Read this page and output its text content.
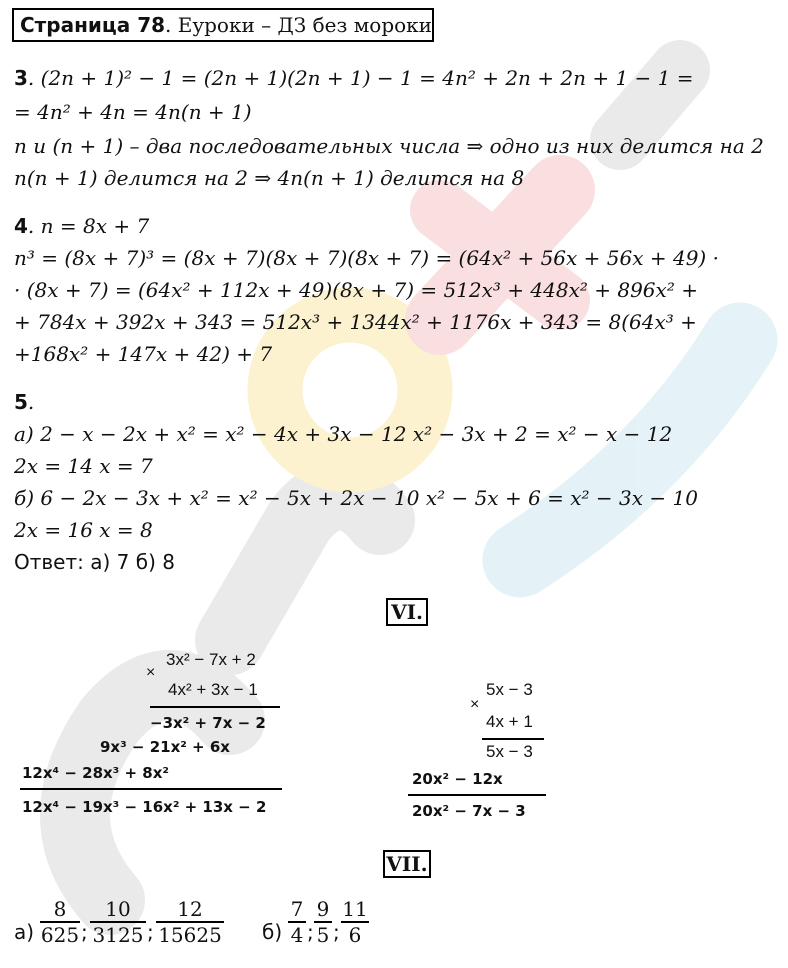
Страница 78. Еуроки – ДЗ без мороки
3. (2n + 1)² − 1 = (2n + 1)(2n + 1) − 1 = 4n² + 2n + 2n + 1 − 1 =
= 4n² + 4n = 4n(n + 1)
n и (n + 1) – два последовательных числа ⇒ одно из них делится на 2
n(n + 1) делится на 2 ⇒ 4n(n + 1) делится на 8
4. n = 8x + 7
n³ = (8x + 7)³ = (8x + 7)(8x + 7)(8x + 7) = (64x² + 56x + 56x + 49) ·
· (8x + 7) = (64x² + 112x + 49)(8x + 7) = 512x³ + 448x² + 896x² +
+ 784x + 392x + 343 = 512x³ + 1344x² + 1176x + 343 = 8(64x³ +
+168x² + 147x + 42) + 7
5.
а) 2 − x − 2x + x² = x² − 4x + 3x − 12 x² − 3x + 2 = x² − x − 12
2x = 14 x = 7
б) 6 − 2x − 3x + x² = x² − 5x + 2x − 10 x² − 5x + 6 = x² − 3x − 10
2x = 16 x = 8
Ответ: а) 7 б) 8
VI.
×
3x² − 7x + 2
4x² + 3x − 1
−3x² + 7x − 2
9x³ − 21x² + 6x
12x⁴ − 28x³ + 8x²
12x⁴ − 19x³ − 16x² + 13x − 2
×
5x − 3
4x + 1
5x − 3
20x² − 12x
20x² − 7x − 3
VII.
а)
8
625 ;
10
3125 ;
12
15625 б)
7
4 ;
9
5 ;
11
6
